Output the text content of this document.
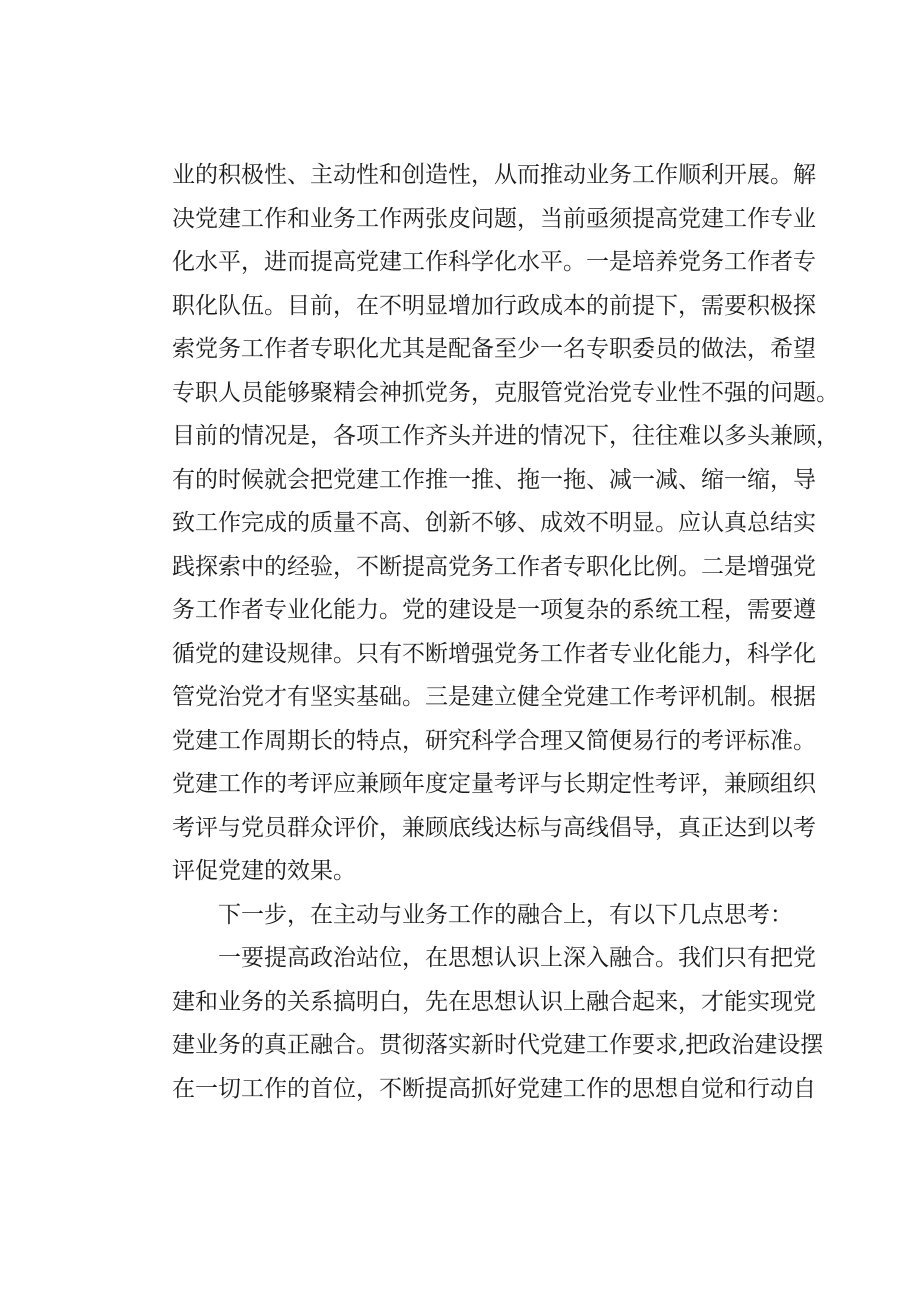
业的积极性、主动性和创造性，从而推动业务工作顺利开展。解
决党建工作和业务工作两张皮问题，当前亟须提高党建工作专业
化水平，进而提高党建工作科学化水平。一是培养党务工作者专
职化队伍。目前，在不明显增加行政成本的前提下，需要积极探
索党务工作者专职化尤其是配备至少一名专职委员的做法，希望
专职人员能够聚精会神抓党务，克服管党治党专业性不强的问题。
目前的情况是，各项工作齐头并进的情况下，往往难以多头兼顾，
有的时候就会把党建工作推一推、拖一拖、减一减、缩一缩，导
致工作完成的质量不高、创新不够、成效不明显。应认真总结实
践探索中的经验，不断提高党务工作者专职化比例。二是增强党
务工作者专业化能力。党的建设是一项复杂的系统工程，需要遵
循党的建设规律。只有不断增强党务工作者专业化能力，科学化
管党治党才有坚实基础。三是建立健全党建工作考评机制。根据
党建工作周期长的特点，研究科学合理又简便易行的考评标准。
党建工作的考评应兼顾年度定量考评与长期定性考评，兼顾组织
考评与党员群众评价，兼顾底线达标与高线倡导，真正达到以考
评促党建的效果。
下一步，在主动与业务工作的融合上，有以下几点思考：
一要提高政治站位，在思想认识上深入融合。我们只有把党
建和业务的关系搞明白，先在思想认识上融合起来，才能实现党
建业务的真正融合。贯彻落实新时代党建工作要求,把政治建设摆
在一切工作的首位，不断提高抓好党建工作的思想自觉和行动自
